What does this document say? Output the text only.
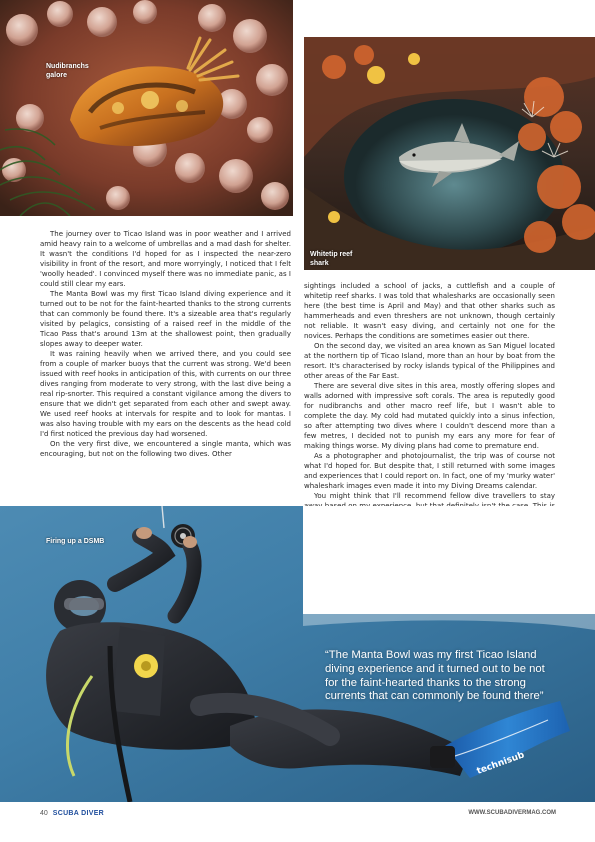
Nudibranchs galore
Whitetip reef shark

The journey over to Ticao Island was in poor weather and I arrived amid heavy rain to a welcome of umbrellas and a mad dash for shelter. It wasn't the conditions I'd hoped for as I inspected the near-zero visibility in front of the resort, and more worryingly, I noticed that I felt 'woolly headed'. I convinced myself there was no immediate panic, as I could still clear my ears.

The Manta Bowl was my first Ticao Island diving experience and it turned out to be not for the faint-hearted thanks to the strong currents that can commonly be found there. It's a sizeable area that's regularly visited by pelagics, consisting of a raised reef in the middle of the Ticao Pass that's around 13m at the shallowest point, then gradually slopes away to deeper water.

It was raining heavily when we arrived there, and you could see from a couple of marker buoys that the current was strong. We'd been issued with reef hooks in anticipation of this, with currents on our three dives ranging from moderate to very strong, with the last dive being a real rip-snorter. This required a constant vigilance among the divers to ensure that we didn't get separated from each other and swept away. We used reef hooks at intervals for respite and to look for mantas. I was also having trouble with my ears on the descents as the head cold I'd first noticed the previous day had worsened.

On the very first dive, we encountered a single manta, which was encouraging, but not on the following two dives. Other

sightings included a school of jacks, a cuttlefish and a couple of whitetip reef sharks. I was told that whalesharks are occasionally seen here (the best time is April and May) and that other sharks such as hammerheads and even threshers are not unknown, though certainly not reliable. It wasn't easy diving, and certainly not one for the novices. Perhaps the conditions are sometimes easier out there.

On the second day, we visited an area known as San Miguel located at the northern tip of Ticao Island, more than an hour by boat from the resort. It's characterised by rocky islands typical of the Philippines and other areas of the Far East.

There are several dive sites in this area, mostly offering slopes and walls adorned with impressive soft corals. The area is reputedly good for nudibranchs and other macro reef life, but I wasn't able to complete the day. My cold had mutated quickly into a sinus infection, so after attempting two dives where I couldn't descend more than a few metres, I decided not to punish my ears any more for fear of making things worse. My diving plans had come to premature end.

As a photographer and photojournalist, the trip was of course not what I'd hoped for. But despite that, I still returned with some images and experiences that I could report on. In fact, one of my 'murky water' whaleshark images even made it into my Diving Dreams calendar.

You might think that I'll recommend fellow dive travellers to stay

technisub
Firing up a DSMB
“The Manta Bowl was my first Ticao Island diving experience and it turned out to be not for the faint-hearted thanks to the strong currents that can commonly be found there”
40 SCUBA DIVER	WWW.SCUBADIVERMAG.COM
